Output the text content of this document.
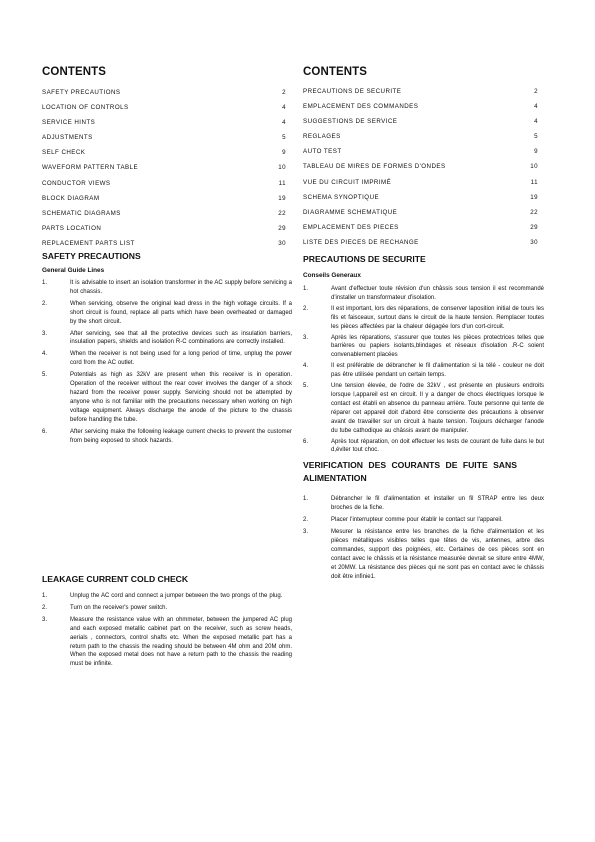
CONTENTS
SAFETY PRECAUTIONS	2
LOCATION OF CONTROLS	4
SERVICE HINTS	4
ADJUSTMENTS	5
SELF CHECK	9
WAVEFORM PATTERN TABLE	10
CONDUCTOR VIEWS	11
BLOCK DIAGRAM	19
SCHEMATIC DIAGRAMS	22
PARTS LOCATION	29
REPLACEMENT PARTS LIST	30
SAFETY PRECAUTIONS
General Guide Lines
1.	It is advisable to insert an isolation transformer in the AC supply before servicing a hot chassis.
2.	When servicing, observe the original lead dress in the high voltage circuits. If a short circuit is found, replace all parts which have been overheated or damaged by the short circuit.
3.	After servicing, see that all the protective devices such as insulation barriers, insulation papers, shields and isolation R-C combinations are correctly installed.
4.	When the receiver is not being used for a long period of time, unplug the power cord from the AC outlet.
5.	Potentials as high as 32kV are present when this receiver is in operation. Operation of the receiver without the rear cover involves the danger of a shock hazard from the receiver power supply. Servicing should not be attempted by anyone who is not familiar with the precautions necessary when working on high voltage equipment. Always discharge the anode of the picture to the chassis before handling the tube.
6.	After servicing make the following leakage current checks to prevent the customer from being exposed to shock hazards.
LEAKAGE CURRENT COLD CHECK
1.	Unplug the AC cord and connect a jumper between the two prongs of the plug.
2.	Turn on the receiver's power switch.
3.	Measure the resistance value with an ohmmeter, between the jumpered AC plug and each exposed metallic cabinet part on the receiver, such as screw heads, aerials , connectors, control shafts etc. When the exposed metallic part has a return path to the chassis the reading should be between 4M ohm and 20M ohm. When the exposed metal does not have a return path to the chassis the reading must be infinite.
CONTENTS
PRECAUTIONS DE SECURITE	2
EMPLACEMENT DES COMMANDES	4
SUGGESTIONS DE SERVICE	4
REGLAGES	5
AUTO TEST	9
TABLEAU DE MIRES DE FORMES D'ONDES	10
VUE DU CIRCUIT IMPRIMÉ	11
SCHEMA SYNOPTIQUE	19
DIAGRAMME SCHEMATIQUE	22
EMPLACEMENT DES PIECES	29
LISTE DES PIECES DE RECHANGE	30
PRECAUTIONS DE SECURITE
Conseils Generaux
1.	Avant d'effectuer toute révision d'un châssis sous tension il est recommandé d'installer un transformateur d'isolation.
2.	Il est important, lors des réparations, de conserver laposition initial de tours les fils et faisceaux, surtout dans le circuit de la haute tension. Remplacer toutes les pièces affectées par la chaleur dégagée lors d'un cort-circuit.
3.	Après les réparations, s'assurer que toutes les pièces protectrices telles que barrières ou papiers isolants,blindages et réseaux d'isolation .R-C soient convenablement placées
4.	Il est préférable de débrancher le fil d'alimentation si la télé - couleur ne doit pas être utilisée pendant un certain temps.
5.	Une tension élevée, de l'odre de 32kV , est présente en plusieurs endroits lorsque l,appareil est en circuit. Il y a danger de chocs électriques lorsque le contact est établi en absence du panneau arrière. Toute personne qui tente de réparer cet appareil doit d'abord être consciente des précautions à observer avant de travailler sur un circuit à haute tension. Toujours décharger l'anode du tube cathodique au châssis avant de manipuler.
6.	Après tout réparation, on doit effectuer les tests de courant de fuite dans le but d,éviter tout choc.
VERIFICATION DES COURANTS DE FUITE SANS ALIMENTATION
1.	Débrancher le fil d'alimentation et installer un fil STRAP entre les deux broches de la fiche.
2.	Placer l'interrupteur comme pour établir le contact sur l'appareil.
3.	Mesurer la résistance entre les branches de la fiche d'alimentation et les pièces métalliques visibles telles que têtes de vis, antennes, arbre des commandes, support des poignées, etc. Certaines de ces pièces sont en contact avec le châssis et la résistance measurée devrait se siture entre 4MW, et 20MW. La résistance des pièces qui ne sont pas en contact avec le châssis doit être infinie1.
